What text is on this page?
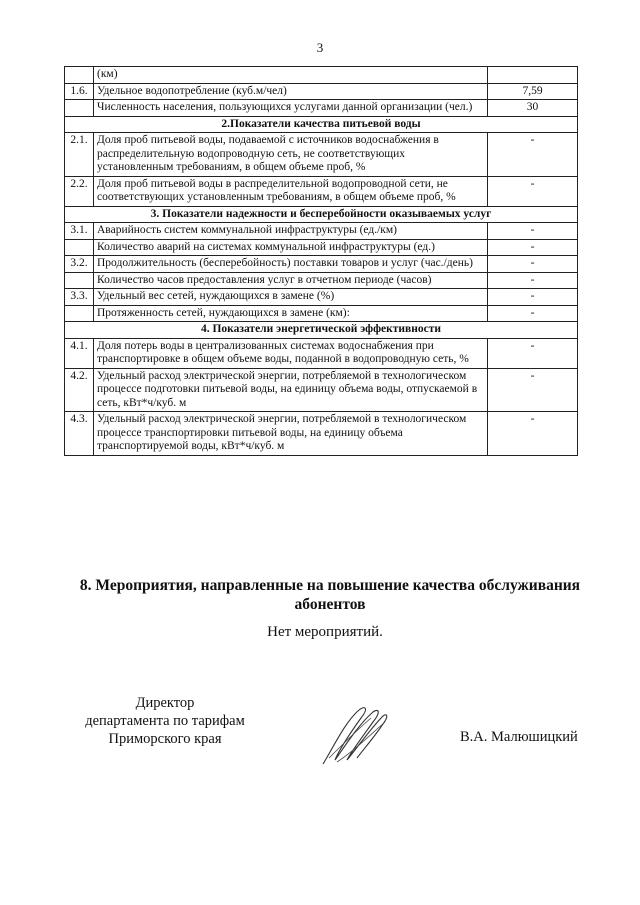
3
	(км)	
1.6.	Удельное водопотребление (куб.м/чел)	7,59
	Численность населения, пользующихся услугами данной организации (чел.)	30
2.Показатели качества питьевой воды		
2.1.	Доля проб питьевой воды, подаваемой с источников водоснабжения в распределительную водопроводную сеть, не соответствующих установленным требованиям, в общем объеме проб, %	-
2.2.	Доля проб питьевой воды в распределительной водопроводной сети, не соответствующих установленным требованиям, в общем объеме проб, %	-
3. Показатели надежности и бесперебойности оказываемых услуг		
3.1.	Аварийность систем коммунальной инфраструктуры (ед./км)	-
	Количество аварий на системах коммунальной инфраструктуры (ед.)	-
3.2.	Продолжительность (бесперебойность) поставки товаров и услуг (час./день)	-
	Количество часов предоставления услуг в отчетном периоде (часов)	-
3.3.	Удельный вес сетей, нуждающихся в замене (%)	-
	Протяженность сетей, нуждающихся в замене (км):	-
4. Показатели энергетической эффективности		
4.1.	Доля потерь воды в централизованных системах водоснабжения при транспортировке в общем объеме воды, поданной в водопроводную сеть, %	-
4.2.	Удельный расход электрической энергии, потребляемой в технологическом процессе подготовки питьевой воды, на единицу объема воды, отпускаемой в сеть, кВт*ч/куб. м	-
4.3.	Удельный расход электрической энергии, потребляемой в технологическом процессе транспортировки питьевой воды, на единицу объема транспортируемой воды, кВт*ч/куб. м	-
8. Мероприятия, направленные на повышение качества обслуживания абонентов
Нет мероприятий.
Директор
департамента по тарифам
Приморского края	В.А. Малюшицкий
